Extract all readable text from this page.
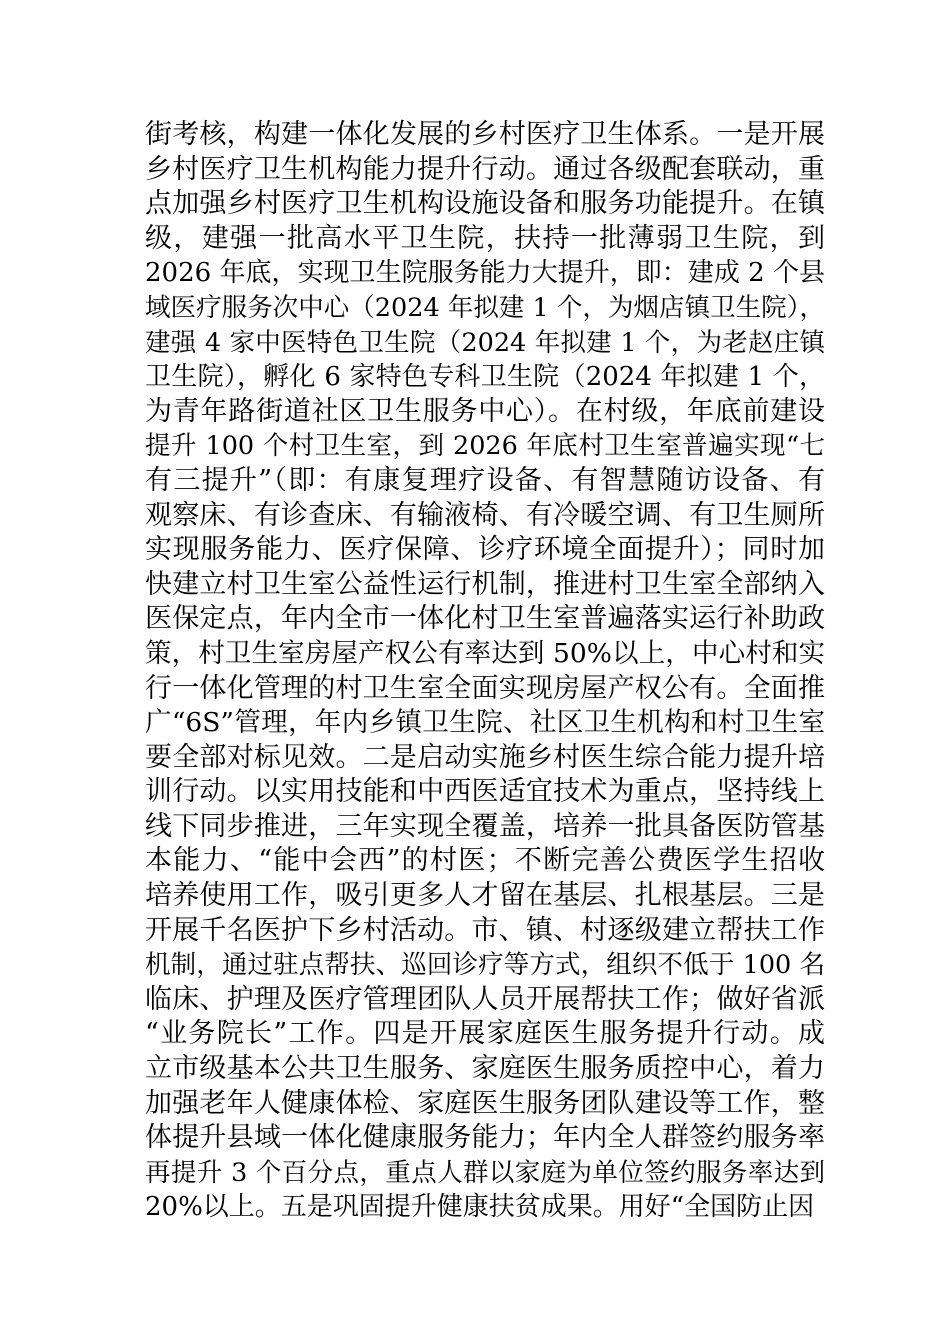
街考核，构建一体化发展的乡村医疗卫生体系。一是开展
乡村医疗卫生机构能力提升行动。通过各级配套联动，重
点加强乡村医疗卫生机构设施设备和服务功能提升。在镇
级，建强一批高水平卫生院，扶持一批薄弱卫生院，到
2026 年底，实现卫生院服务能力大提升，即：建成 2 个县
域医疗服务次中心（2024 年拟建 1 个，为烟店镇卫生院），
建强 4 家中医特色卫生院（2024 年拟建 1 个，为老赵庄镇
卫生院），孵化 6 家特色专科卫生院（2024 年拟建 1 个，
为青年路街道社区卫生服务中心）。在村级，年底前建设
提升 100 个村卫生室，到 2026 年底村卫生室普遍实现“七
有三提升”（即：有康复理疗设备、有智慧随访设备、有
观察床、有诊查床、有输液椅、有冷暖空调、有卫生厕所
实现服务能力、医疗保障、诊疗环境全面提升）；同时加
快建立村卫生室公益性运行机制，推进村卫生室全部纳入
医保定点，年内全市一体化村卫生室普遍落实运行补助政
策，村卫生室房屋产权公有率达到 50%以上，中心村和实
行一体化管理的村卫生室全面实现房屋产权公有。全面推
广“6S”管理，年内乡镇卫生院、社区卫生机构和村卫生室
要全部对标见效。二是启动实施乡村医生综合能力提升培
训行动。以实用技能和中西医适宜技术为重点，坚持线上
线下同步推进，三年实现全覆盖，培养一批具备医防管基
本能力、“能中会西”的村医；不断完善公费医学生招收
培养使用工作，吸引更多人才留在基层、扎根基层。三是
开展千名医护下乡村活动。市、镇、村逐级建立帮扶工作
机制，通过驻点帮扶、巡回诊疗等方式，组织不低于 100 名
临床、护理及医疗管理团队人员开展帮扶工作；做好省派
“业务院长”工作。四是开展家庭医生服务提升行动。成
立市级基本公共卫生服务、家庭医生服务质控中心，着力
加强老年人健康体检、家庭医生服务团队建设等工作，整
体提升县域一体化健康服务能力；年内全人群签约服务率
再提升 3 个百分点，重点人群以家庭为单位签约服务率达到
20%以上。五是巩固提升健康扶贫成果。用好“全国防止因
